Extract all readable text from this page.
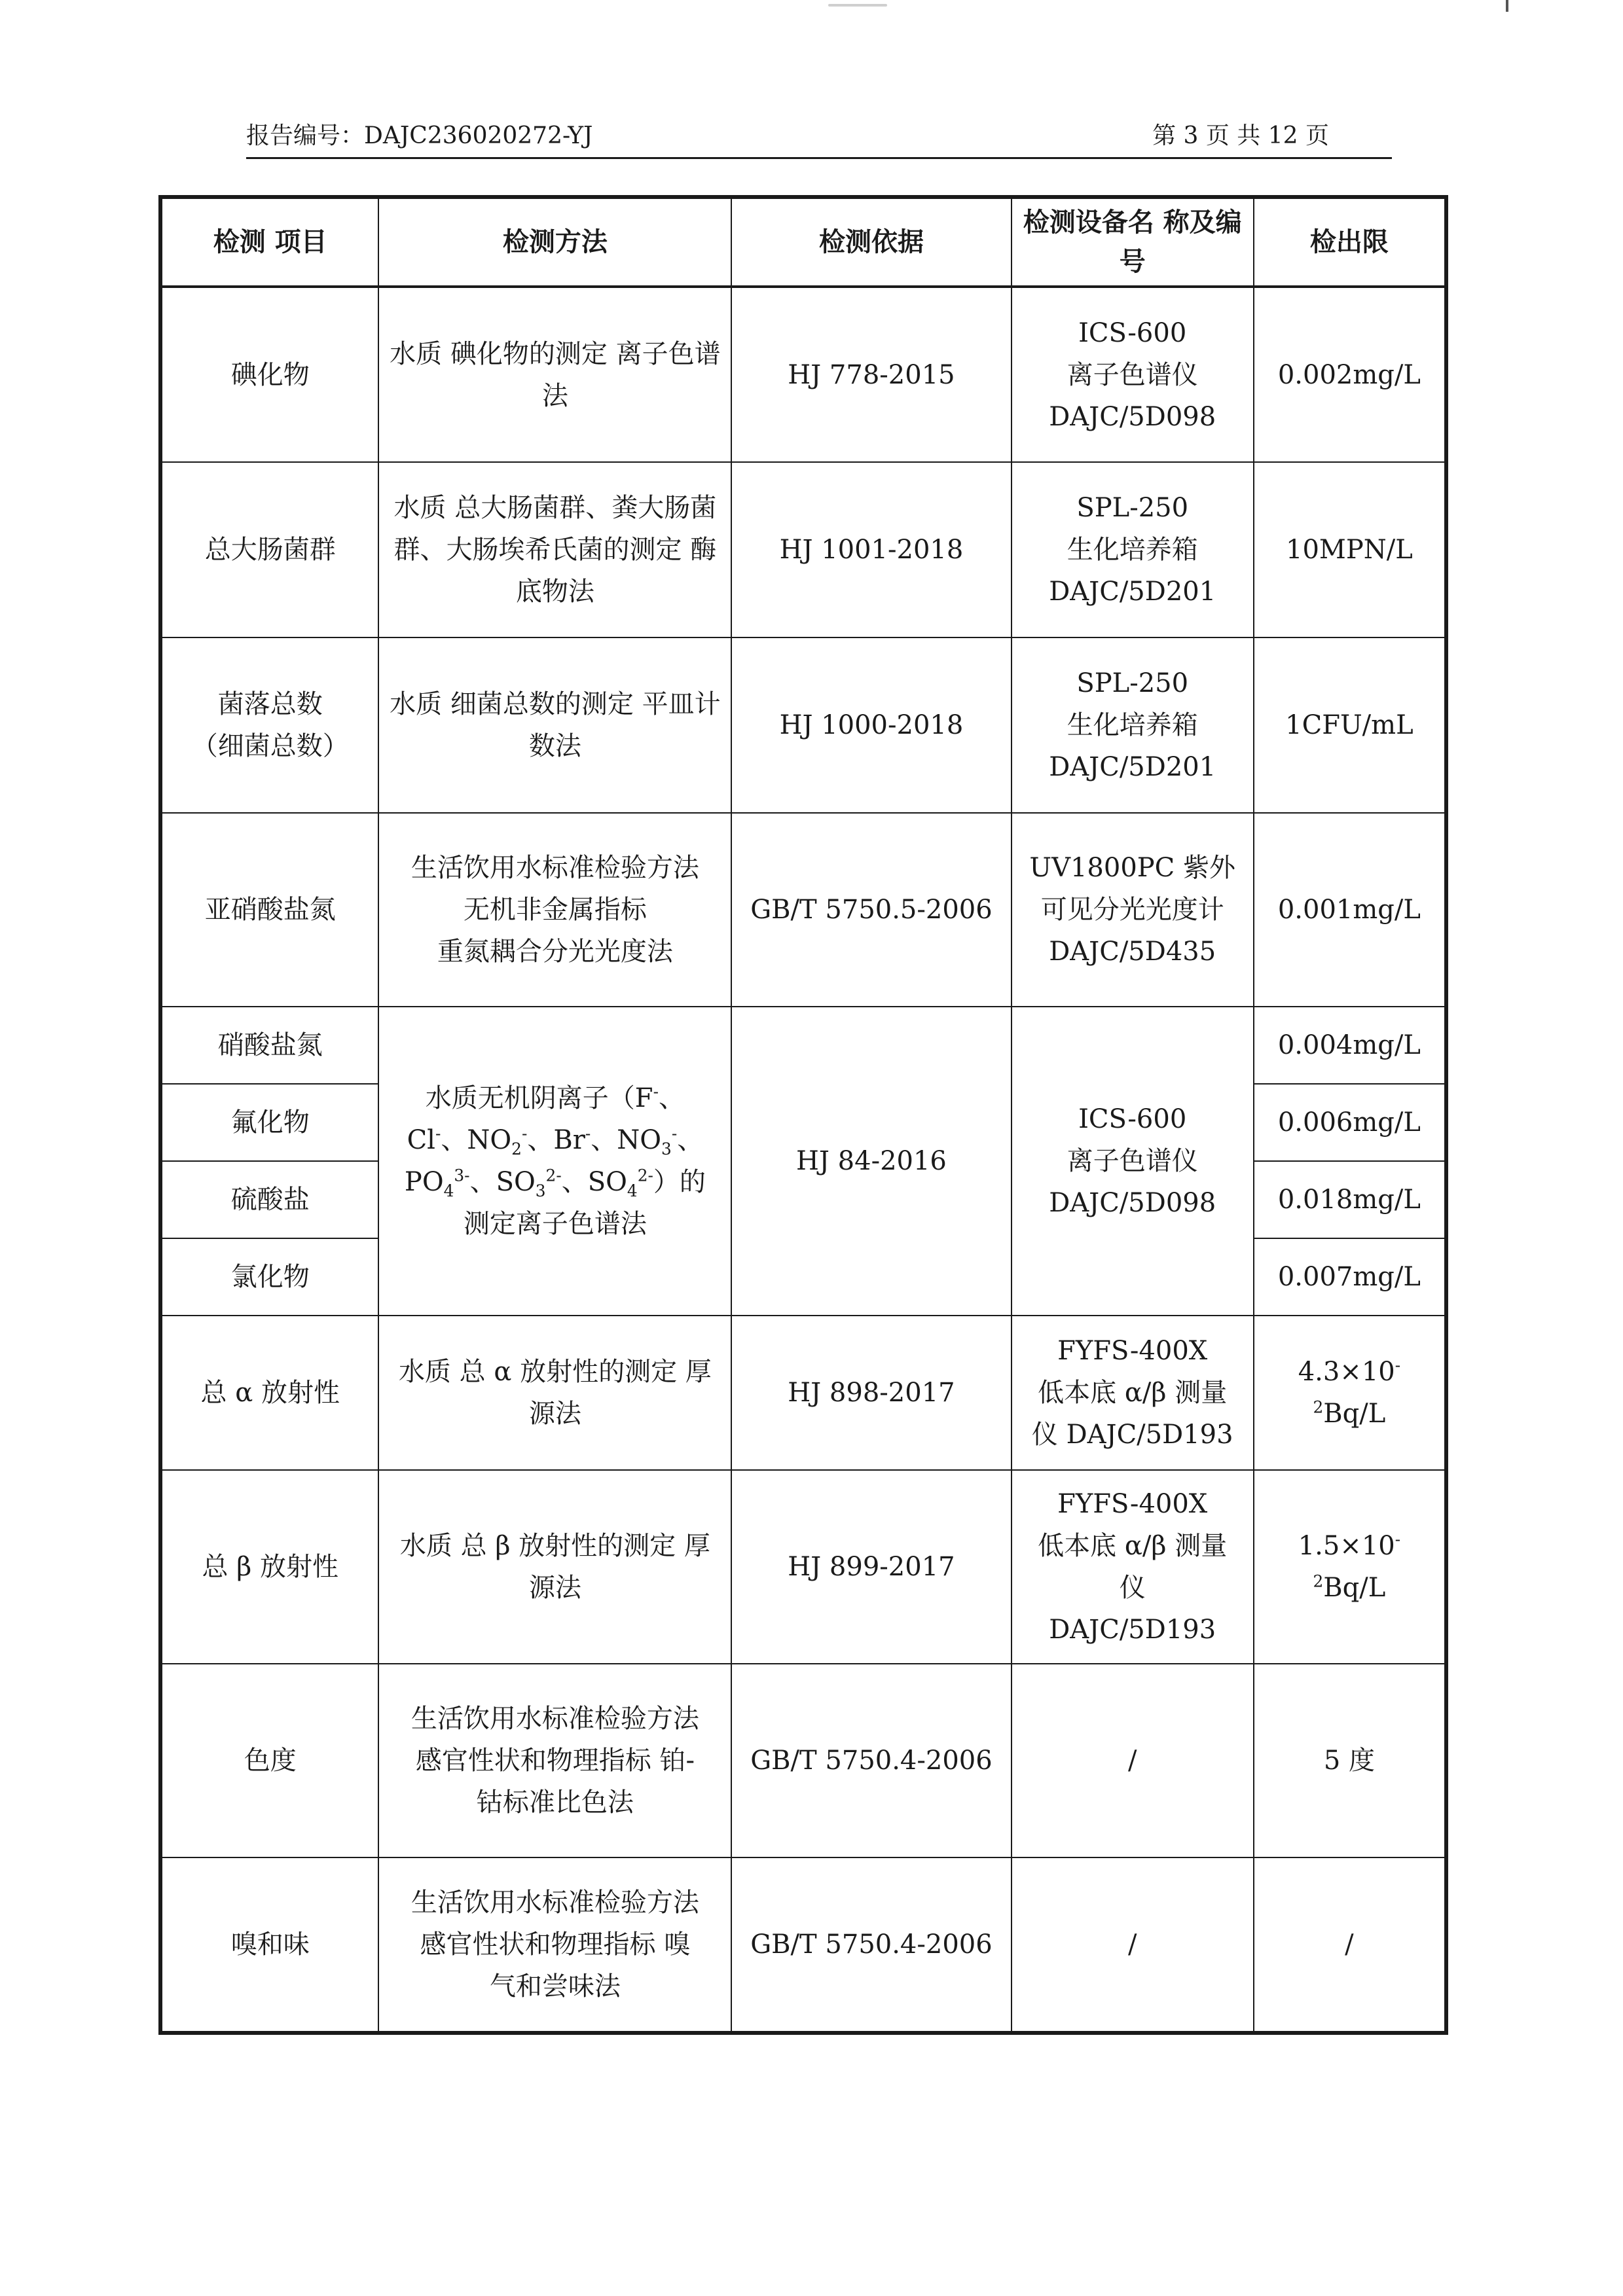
报告编号：DAJC236020272-YJ	第 3 页 共 12 页
检测 项目	检测方法	检测依据	检测设备名 称及编号	检出限
碘化物	水质 碘化物的测定 离子色谱法	HJ 778-2015	ICS-600
离子色谱仪
DAJC/5D098	0.002mg/L
总大肠菌群	水质 总大肠菌群、粪大肠菌群、大肠埃希氏菌的测定 酶底物法	HJ 1001-2018	SPL-250
生化培养箱
DAJC/5D201	10MPN/L
菌落总数
（细菌总数）	水质 细菌总数的测定 平皿计数法	HJ 1000-2018	SPL-250
生化培养箱
DAJC/5D201	1CFU/mL
亚硝酸盐氮	生活饮用水标准检验方法
无机非金属指标
重氮耦合分光光度法	GB/T 5750.5-2006	UV1800PC 紫外
可见分光光度计
DAJC/5D435	0.001mg/L
硝酸盐氮	水质无机阴离子（F-、
Cl-、$NO_2^-$、Br-、$NO_3^-$、
$PO_4^{3-}$、$SO_3^{2-}$、$SO_4^{2-}$）的
测定离子色谱法	HJ 84-2016	ICS-600
离子色谱仪
DAJC/5D098	0.004mg/L
氟化物				0.006mg/L
硫酸盐				0.018mg/L
氯化物				0.007mg/L
总 α 放射性	水质 总 α 放射性的测定 厚源法	HJ 898-2017	FYFS-400X
低本底 α/β 测量
仪 DAJC/5D193	$4.3\times 10^{-2}Bq/L$
总 β 放射性	水质 总 β 放射性的测定 厚源法	HJ 899-2017	FYFS-400X
低本底 α/β 测量
仪
DAJC/5D193	$1.5\times 10^{-2}Bq/L$
色度	生活饮用水标准检验方法
感官性状和物理指标 铂-
钴标准比色法	GB/T 5750.4-2006	/	5 度
嗅和味	生活饮用水标准检验方法
感官性状和物理指标 嗅
气和尝味法	GB/T 5750.4-2006	/	/
